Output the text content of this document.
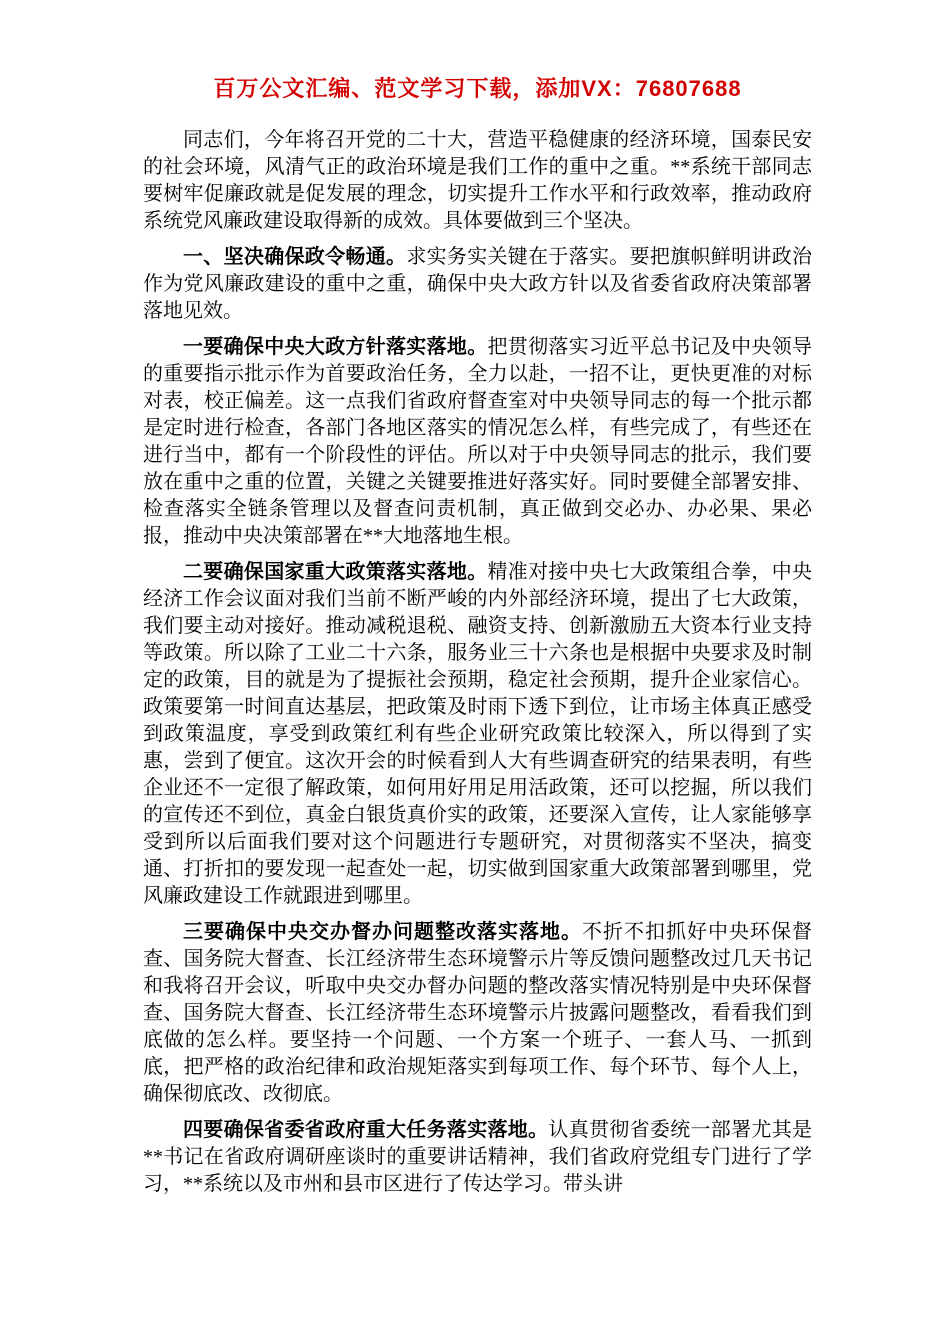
百万公文汇编、范文学习下载，添加VX：76807688

同志们，今年将召开党的二十大，营造平稳健康的经济环境，国泰民安的社会环境，风清气正的政治环境是我们工作的重中之重。**系统干部同志要树牢促廉政就是促发展的理念，切实提升工作水平和行政效率，推动政府系统党风廉政建设取得新的成效。具体要做到三个坚决。

一、坚决确保政令畅通。求实务实关键在于落实。要把旗帜鲜明讲政治作为党风廉政建设的重中之重，确保中央大政方针以及省委省政府决策部署落地见效。

一要确保中央大政方针落实落地。把贯彻落实习近平总书记及中央领导的重要指示批示作为首要政治任务，全力以赴，一招不让，更快更准的对标对表，校正偏差。这一点我们省政府督查室对中央领导同志的每一个批示都是定时进行检查，各部门各地区落实的情况怎么样，有些完成了，有些还在进行当中，都有一个阶段性的评估。所以对于中央领导同志的批示，我们要放在重中之重的位置，关键之关键要推进好落实好。同时要健全部署安排、检查落实全链条管理以及督查问责机制，真正做到交必办、办必果、果必报，推动中央决策部署在**大地落地生根。

二要确保国家重大政策落实落地。精准对接中央七大政策组合拳，中央经济工作会议面对我们当前不断严峻的内外部经济环境，提出了七大政策，我们要主动对接好。推动减税退税、融资支持、创新激励五大资本行业支持等政策。所以除了工业二十六条，服务业三十六条也是根据中央要求及时制定的政策，目的就是为了提振社会预期，稳定社会预期，提升企业家信心。政策要第一时间直达基层，把政策及时雨下透下到位，让市场主体真正感受到政策温度，享受到政策红利有些企业研究政策比较深入，所以得到了实惠，尝到了便宜。这次开会的时候看到人大有些调查研究的结果表明，有些企业还不一定很了解政策，如何用好用足用活政策，还可以挖掘，所以我们的宣传还不到位，真金白银货真价实的政策，还要深入宣传，让人家能够享受到所以后面我们要对这个问题进行专题研究，对贯彻落实不坚决，搞变通、打折扣的要发现一起查处一起，切实做到国家重大政策部署到哪里，党风廉政建设工作就跟进到哪里。

三要确保中央交办督办问题整改落实落地。不折不扣抓好中央环保督查、国务院大督查、长江经济带生态环境警示片等反馈问题整改过几天书记和我将召开会议，听取中央交办督办问题的整改落实情况特别是中央环保督查、国务院大督查、长江经济带生态环境警示片披露问题整改，看看我们到底做的怎么样。要坚持一个问题、一个方案一个班子、一套人马、一抓到底，把严格的政治纪律和政治规矩落实到每项工作、每个环节、每个人上，确保彻底改、改彻底。

四要确保省委省政府重大任务落实落地。认真贯彻省委统一部署尤其是**书记在省政府调研座谈时的重要讲话精神，我们省政府党组专门进行了学习，**系统以及市州和县市区进行了传达学习。带头讲
